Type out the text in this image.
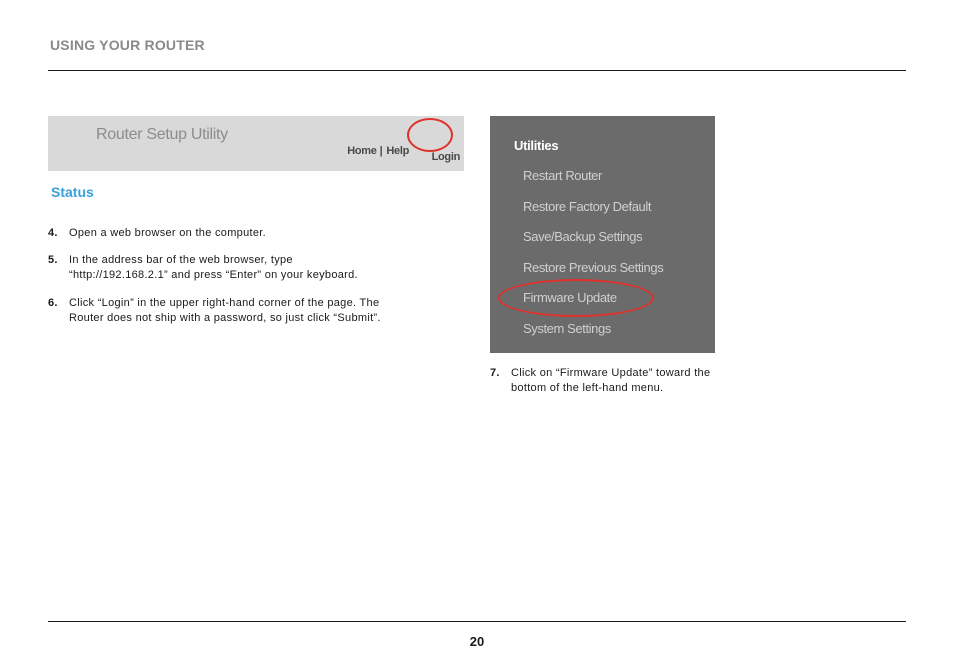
USING YOUR ROUTER
Router Setup Utility
Home | Help

	Login

Status
4. Open a web browser on the computer.
5. In the address bar of the web browser, type
“http://192.168.2.1” and press “Enter” on your keyboard.
6. Click “Login” in the upper right-hand corner of the page. The
Router does not ship with a password, so just click “Submit”.
Utilities
Restart Router
Restore Factory Default
Save/Backup Settings
Restore Previous Settings
Firmware Update
System Settings
7. Click on “Firmware Update” toward the
bottom of the left-hand menu.
20
